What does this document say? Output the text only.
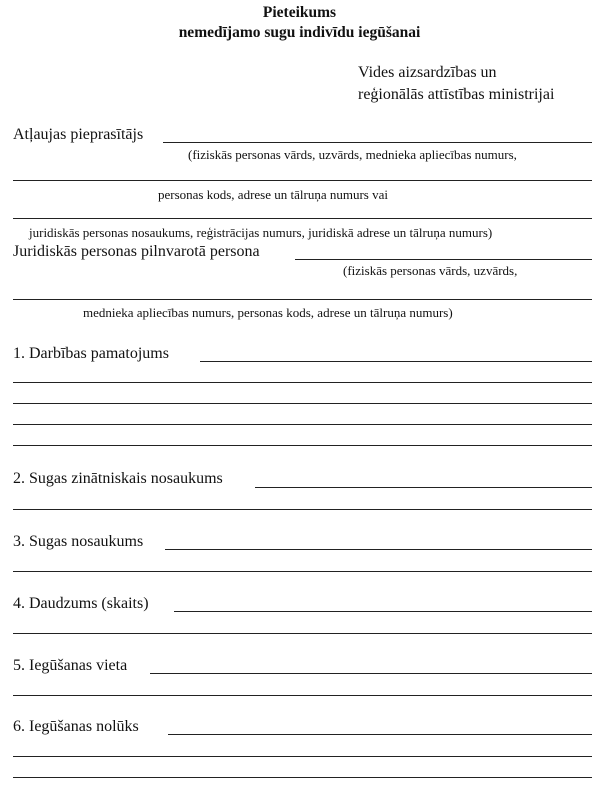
Pieteikums
nemedījamo sugu indivīdu iegūšanai
Vides aizsardzības un
reģionālās attīstības ministrijai
Atļaujas pieprasītājs
(fiziskās personas vārds, uzvārds, mednieka apliecības numurs,
personas kods, adrese un tālruņa numurs vai
juridiskās personas nosaukums, reģistrācijas numurs, juridiskā adrese un tālruņa numurs)
Juridiskās personas pilnvarotā persona
(fiziskās personas vārds, uzvārds,
mednieka apliecības numurs, personas kods, adrese un tālruņa numurs)
1. Darbības pamatojums
2. Sugas zinātniskais nosaukums
3. Sugas nosaukums
4. Daudzums (skaits)
5. Iegūšanas vieta
6. Iegūšanas nolūks
